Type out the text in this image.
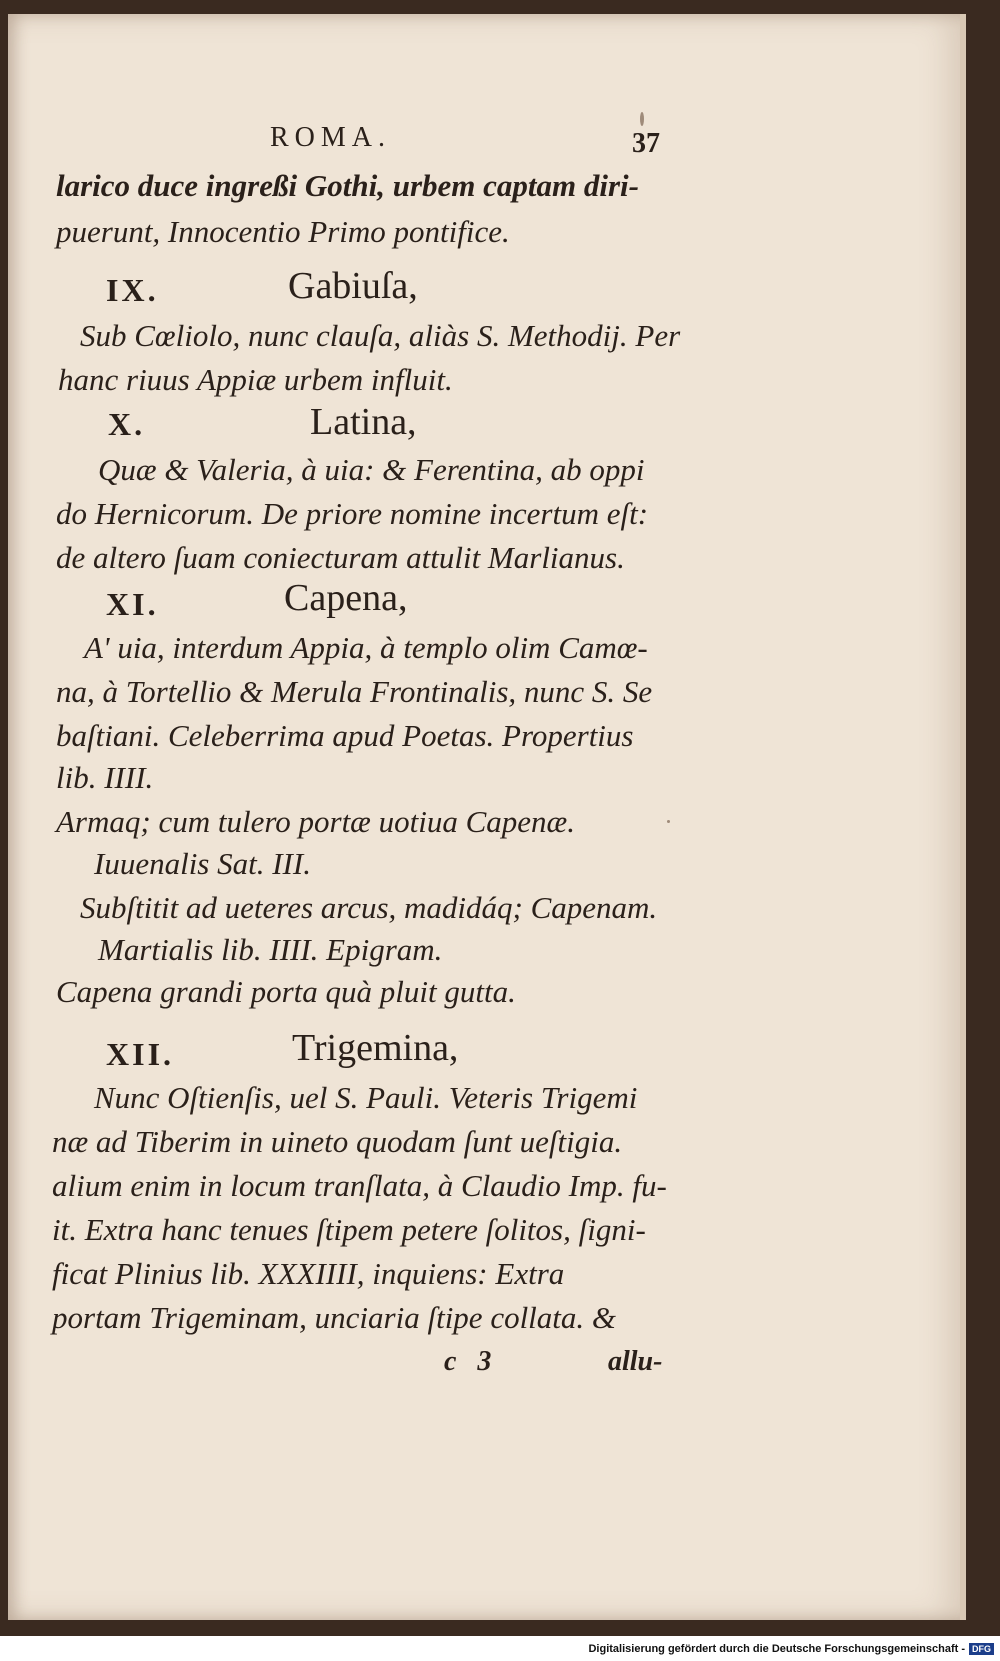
ROMA.	37
larico duce ingreßi Gothi, urbem captam diri-
puerunt, Innocentio Primo pontifice.
IX.	Gabiuſa,
Sub Cœliolo, nunc clauſa, aliàs S. Methodij. Per
hanc riuus Appiæ urbem influit.
X.	Latina,
Quæ & Valeria, à uia: & Ferentina, ab oppi
do Hernicorum. De priore nomine incertum eſt:
de altero ſuam coniecturam attulit Marlianus.
XI.	Capena,
A' uia, interdum Appia, à templo olim Camœ-
na, à Tortellio & Merula Frontinalis, nunc S. Se
baſtiani. Celeberrima apud Poetas. Propertius
lib. IIII.
Armaq; cum tulero portæ uotiua Capenæ.
Iuuenalis Sat. III.
Subſtitit ad ueteres arcus, madidáq; Capenam.
Martialis lib. IIII. Epigram.
Capena grandi porta quà pluit gutta.
XII.	Trigemina,
Nunc Oſtienſis, uel S. Pauli. Veteris Trigemi
næ ad Tiberim in uineto quodam ſunt ueſtigia.
alium enim in locum tranſlata, à Claudio Imp. fu-
it. Extra hanc tenues ſtipem petere ſolitos, ſigni-
ficat Plinius lib. XXXIIII, inquiens: Extra
portam Trigeminam, unciaria ſtipe collata. &
c   3	allu-
Digitalisierung gefördert durch die Deutsche Forschungsgemeinschaft - DFG
